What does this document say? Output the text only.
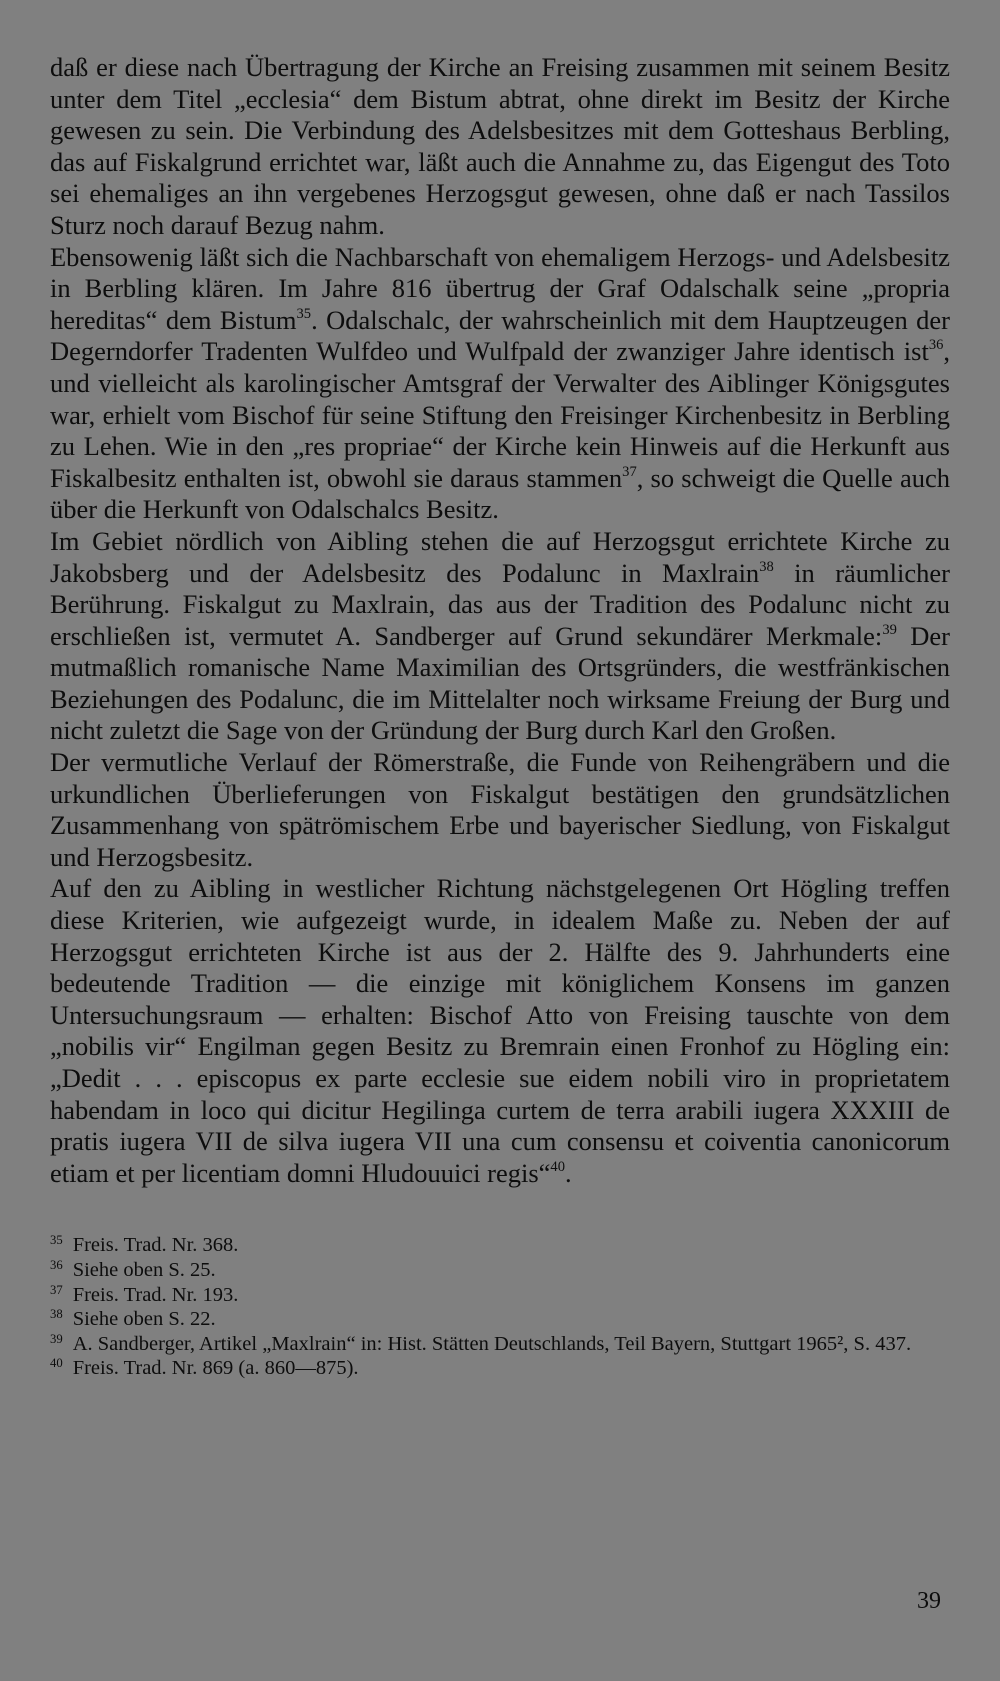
daß er diese nach Übertragung der Kirche an Freising zusammen mit seinem Besitz unter dem Titel „ecclesia“ dem Bistum abtrat, ohne direkt im Besitz der Kirche gewesen zu sein. Die Verbindung des Adelsbesitzes mit dem Gotteshaus Berbling, das auf Fiskalgrund errichtet war, läßt auch die Annahme zu, das Eigengut des Toto sei ehemaliges an ihn vergebenes Herzogsgut gewesen, ohne daß er nach Tassilos Sturz noch darauf Bezug nahm.

Ebensowenig läßt sich die Nachbarschaft von ehemaligem Herzogs- und Adelsbesitz in Berbling klären. Im Jahre 816 übertrug der Graf Odalschalk seine „propria hereditas“ dem Bistum$^{35}$. Odalschalc, der wahrscheinlich mit dem Hauptzeugen der Degerndorfer Tradenten Wulfdeo und Wulfpald der zwanziger Jahre identisch ist$^{36}$, und vielleicht als karolingischer Amtsgraf der Verwalter des Aiblinger Königsgutes war, erhielt vom Bischof für seine Stiftung den Freisinger Kirchenbesitz in Berbling zu Lehen. Wie in den „res propriae“ der Kirche kein Hinweis auf die Herkunft aus Fiskalbesitz enthalten ist, obwohl sie daraus stammen$^{37}$, so schweigt die Quelle auch über die Herkunft von Odalschalcs Besitz.

Im Gebiet nördlich von Aibling stehen die auf Herzogsgut errichtete Kirche zu Jakobsberg und der Adelsbesitz des Podalunc in Maxlrain$^{38}$ in räumlicher Berührung. Fiskalgut zu Maxlrain, das aus der Tradition des Podalunc nicht zu erschließen ist, vermutet A. Sandberger auf Grund sekundärer Merkmale:$^{39}$ Der mutmaßlich romanische Name Maximilian des Ortsgründers, die westfränkischen Beziehungen des Podalunc, die im Mittelalter noch wirksame Freiung der Burg und nicht zuletzt die Sage von der Gründung der Burg durch Karl den Großen.

Der vermutliche Verlauf der Römerstraße, die Funde von Reihengräbern und die urkundlichen Überlieferungen von Fiskalgut bestätigen den grundsätzlichen Zusammenhang von spätrömischem Erbe und bayerischer Siedlung, von Fiskalgut und Herzogsbesitz.

Auf den zu Aibling in westlicher Richtung nächstgelegenen Ort Högling treffen diese Kriterien, wie aufgezeigt wurde, in idealem Maße zu. Neben der auf Herzogsgut errichteten Kirche ist aus der 2. Hälfte des 9. Jahrhunderts eine bedeutende Tradition — die einzige mit königlichem Konsens im ganzen Untersuchungsraum — erhalten: Bischof Atto von Freising tauschte von dem „nobilis vir“ Engilman gegen Besitz zu Bremrain einen Fronhof zu Högling ein: „Dedit . . . episcopus ex parte ecclesie sue eidem nobili viro in proprietatem habendam in loco qui dicitur Hegilinga curtem de terra arabili iugera XXXIII de pratis iugera VII de silva iugera VII una cum consensu et coiventia canonicorum etiam et per licentiam domni Hludouuici regis“$^{40}$.

$^{35}$ Freis. Trad. Nr. 368.

$^{36}$ Siehe oben S. 25.

$^{37}$ Freis. Trad. Nr. 193.

$^{38}$ Siehe oben S. 22.

$^{39}$ A. Sandberger, Artikel „Maxlrain“ in: Hist. Stätten Deutschlands, Teil Bayern, Stuttgart 1965², S. 437.

$^{40}$ Freis. Trad. Nr. 869 (a. 860—875).

39
